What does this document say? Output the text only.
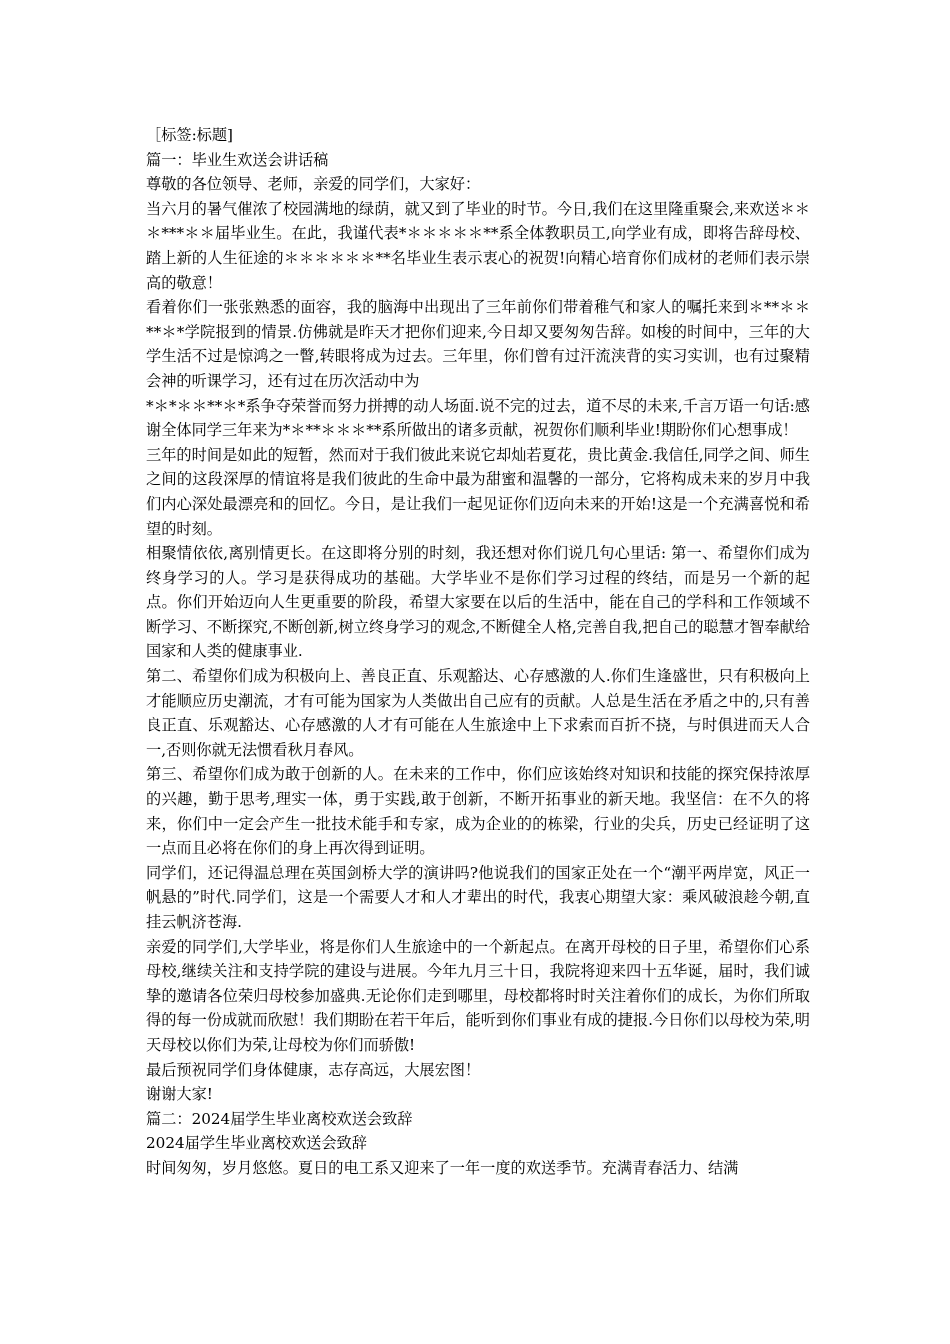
［标签:标题]

篇一：毕业生欢送会讲话稿

尊敬的各位领导、老师，亲爱的同学们，大家好：

当六月的暑气催浓了校园满地的绿荫，就又到了毕业的时节。今日,我们在这里隆重聚会,来欢送＊＊＊***＊＊届毕业生。在此，我谨代表*＊＊＊＊＊**系全体教职员工,向学业有成，即将告辞母校、踏上新的人生征途的＊＊＊＊＊＊**名毕业生表示衷心的祝贺!向精心培育你们成材的老师们表示崇高的敬意！

看着你们一张张熟悉的面容，我的脑海中出现出了三年前你们带着稚气和家人的嘱托来到＊**＊＊**＊*学院报到的情景.仿佛就是昨天才把你们迎来,今日却又要匆匆告辞。如梭的时间中，三年的大学生活不过是惊鸿之一瞥,转眼将成为过去。三年里，你们曾有过汗流浃背的实习实训，也有过聚精会神的听课学习，还有过在历次活动中为

*＊*＊＊**＊*系争夺荣誉而努力拼搏的动人场面.说不完的过去，道不尽的未来,千言万语一句话:感谢全体同学三年来为*＊**＊＊＊**系所做出的诸多贡献，祝贺你们顺利毕业!期盼你们心想事成！

三年的时间是如此的短暂，然而对于我们彼此来说它却灿若夏花，贵比黄金.我信任,同学之间、师生之间的这段深厚的情谊将是我们彼此的生命中最为甜蜜和温馨的一部分，它将构成未来的岁月中我们内心深处最漂亮和的回忆。今日，是让我们一起见证你们迈向未来的开始!这是一个充满喜悦和希望的时刻。

相聚情依依,离别情更长。在这即将分别的时刻，我还想对你们说几句心里话: 第一、希望你们成为终身学习的人。学习是获得成功的基础。大学毕业不是你们学习过程的终结，而是另一个新的起点。你们开始迈向人生更重要的阶段，希望大家要在以后的生活中，能在自己的学科和工作领域不断学习、不断探究,不断创新,树立终身学习的观念,不断健全人格,完善自我,把自己的聪慧才智奉献给国家和人类的健康事业.

第二、希望你们成为积极向上、善良正直、乐观豁达、心存感激的人.你们生逢盛世，只有积极向上才能顺应历史潮流，才有可能为国家为人类做出自己应有的贡献。人总是生活在矛盾之中的,只有善良正直、乐观豁达、心存感激的人才有可能在人生旅途中上下求索而百折不挠，与时俱进而天人合一,否则你就无法惯看秋月春风。

第三、希望你们成为敢于创新的人。在未来的工作中，你们应该始终对知识和技能的探究保持浓厚的兴趣，勤于思考,理实一体，勇于实践,敢于创新，不断开拓事业的新天地。我坚信：在不久的将来，你们中一定会产生一批技术能手和专家，成为企业的的栋梁，行业的尖兵，历史已经证明了这一点而且必将在你们的身上再次得到证明。

同学们，还记得温总理在英国剑桥大学的演讲吗?他说我们的国家正处在一个“潮平两岸宽，风正一帆悬的”时代.同学们，这是一个需要人才和人才辈出的时代，我衷心期望大家：乘风破浪趁今朝,直挂云帆济苍海.

亲爱的同学们,大学毕业，将是你们人生旅途中的一个新起点。在离开母校的日子里，希望你们心系母校,继续关注和支持学院的建设与进展。今年九月三十日，我院将迎来四十五华诞，届时，我们诚挚的邀请各位荣归母校参加盛典.无论你们走到哪里，母校都将时时关注着你们的成长，为你们所取得的每一份成就而欣慰！我们期盼在若干年后，能听到你们事业有成的捷报.今日你们以母校为荣,明天母校以你们为荣,让母校为你们而骄傲!

最后预祝同学们身体健康，志存高远，大展宏图！

谢谢大家!

篇二：2024届学生毕业离校欢送会致辞

2024届学生毕业离校欢送会致辞

时间匆匆，岁月悠悠。夏日的电工系又迎来了一年一度的欢送季节。充满青春活力、结满
